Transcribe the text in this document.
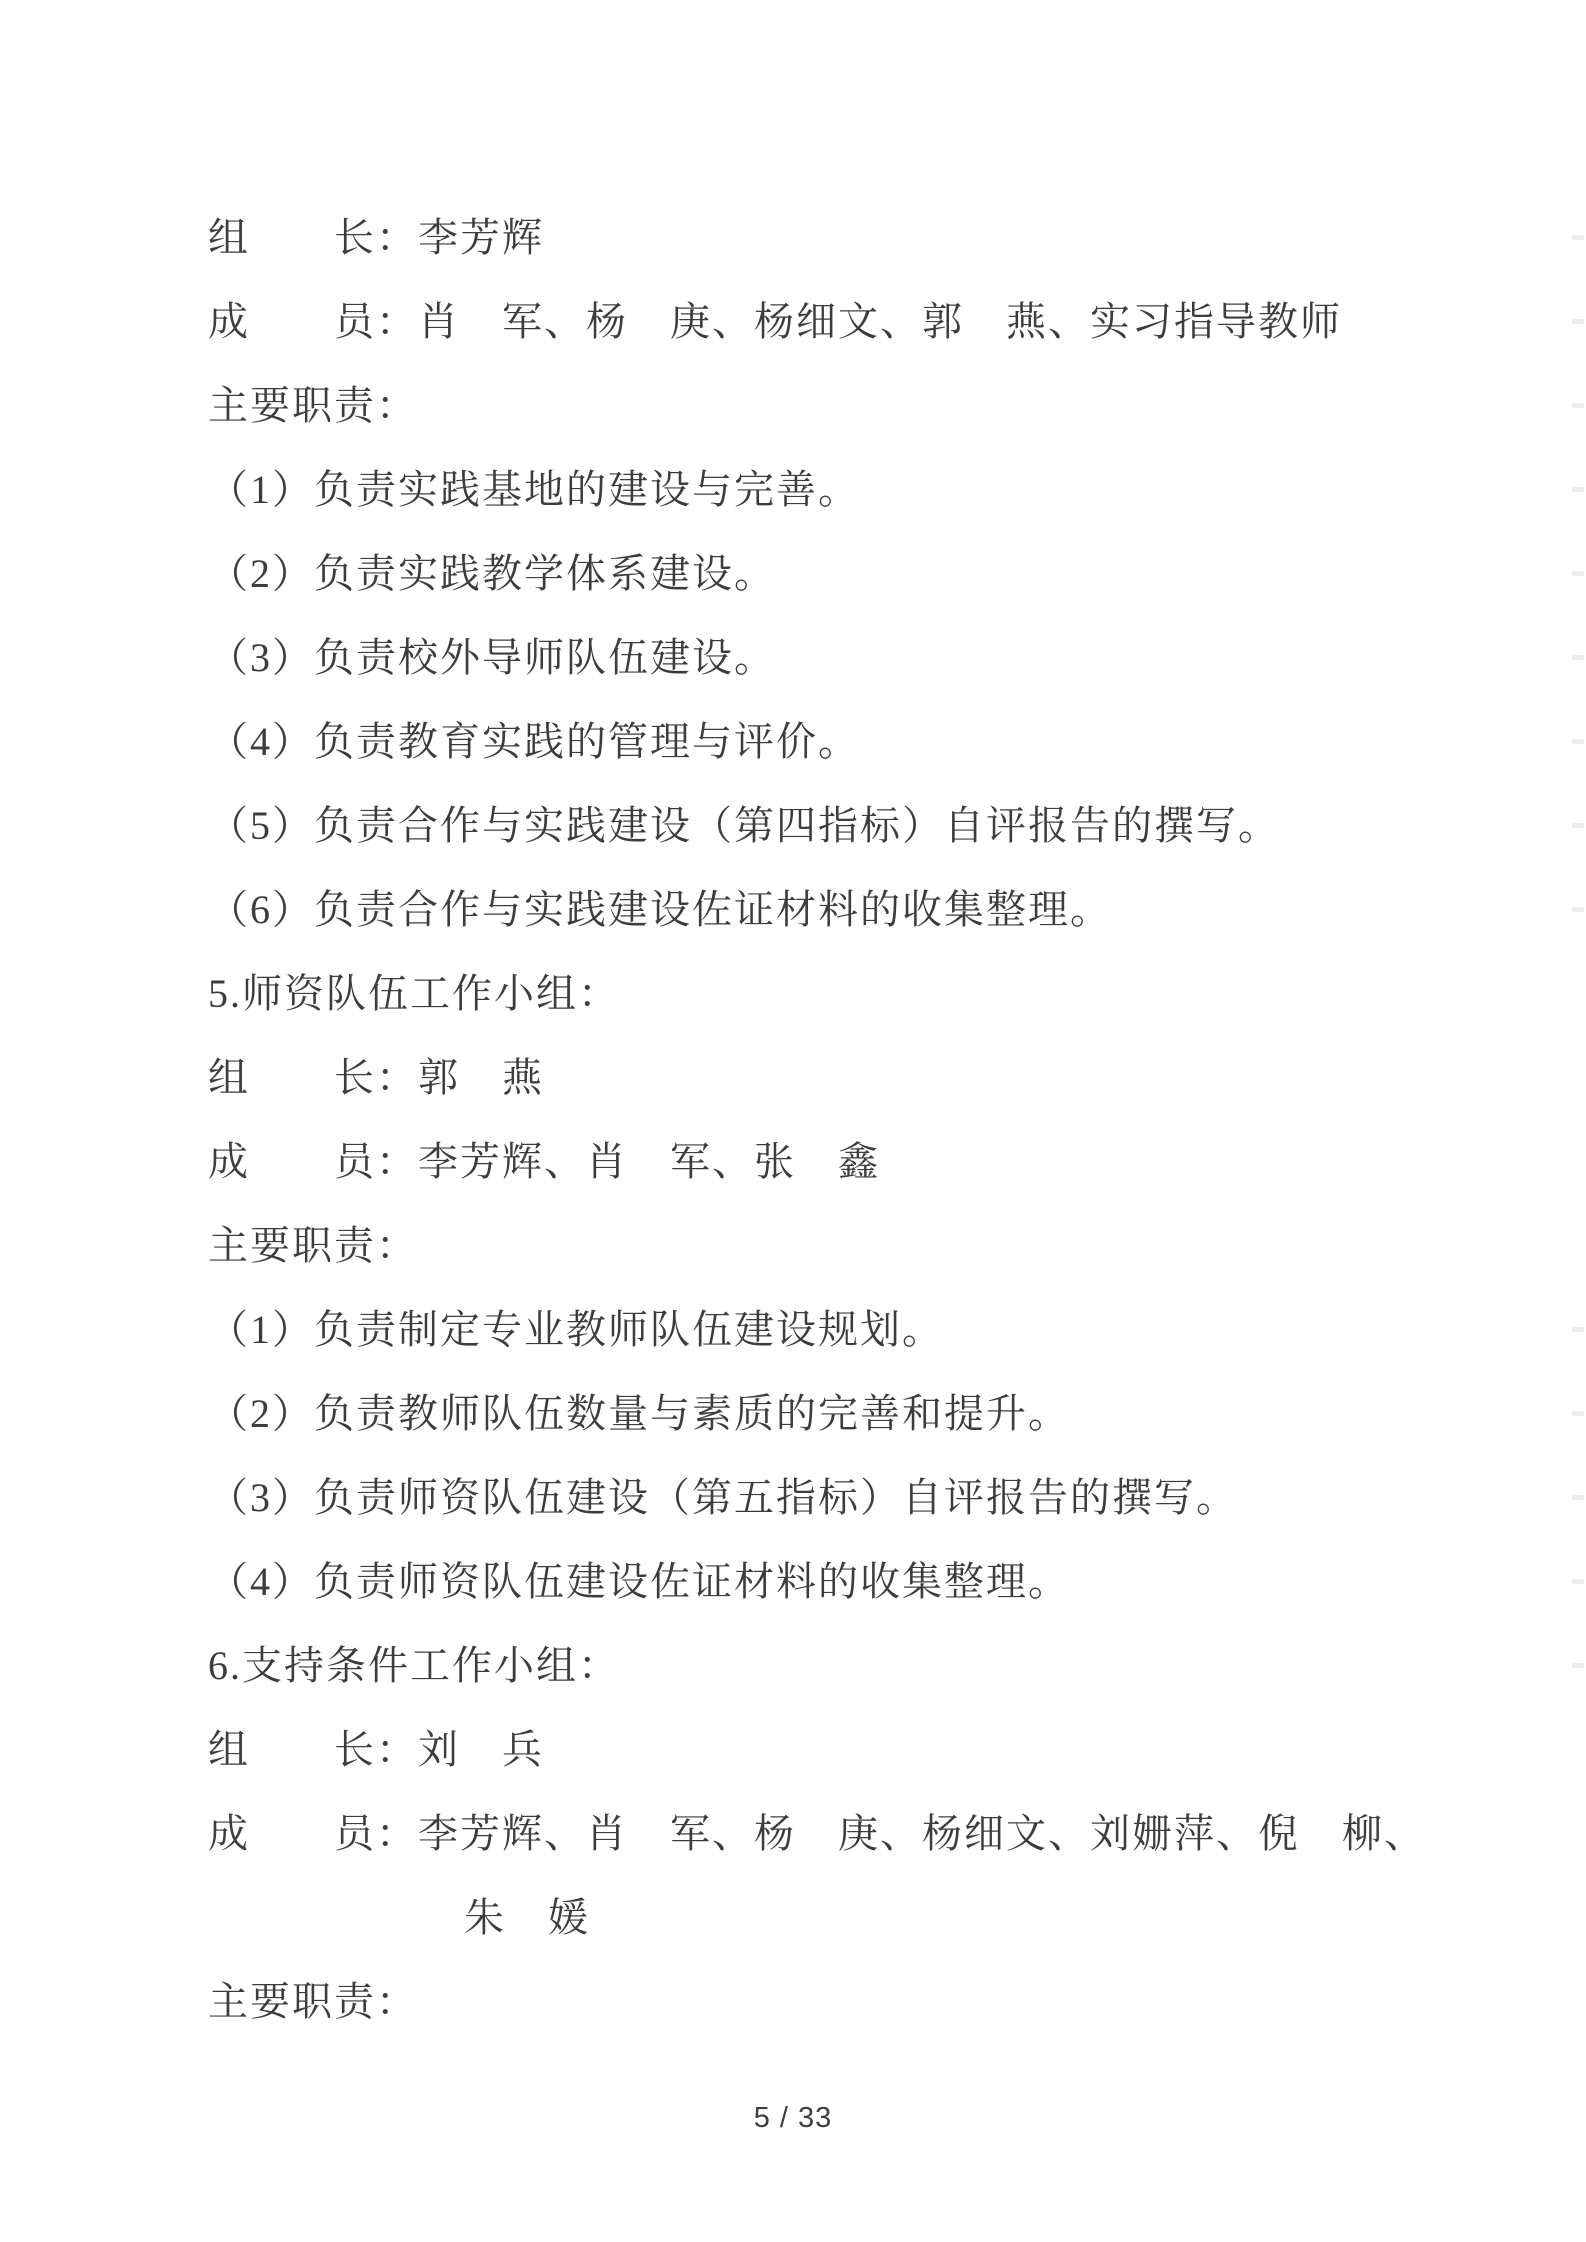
组　　长：李芳辉
成　　员：肖　军、杨　庚、杨细文、郭　燕、实习指导教师
主要职责：
（1）负责实践基地的建设与完善。
（2）负责实践教学体系建设。
（3）负责校外导师队伍建设。
（4）负责教育实践的管理与评价。
（5）负责合作与实践建设（第四指标）自评报告的撰写。
（6）负责合作与实践建设佐证材料的收集整理。
5.师资队伍工作小组：
组　　长：郭　燕
成　　员：李芳辉、肖　军、张　鑫
主要职责：
（1）负责制定专业教师队伍建设规划。
（2）负责教师队伍数量与素质的完善和提升。
（3）负责师资队伍建设（第五指标）自评报告的撰写。
（4）负责师资队伍建设佐证材料的收集整理。
6.支持条件工作小组：
组　　长：刘　兵
成　　员：李芳辉、肖　军、杨　庚、杨细文、刘姗萍、倪　柳、
朱　媛
主要职责：
5 / 33
